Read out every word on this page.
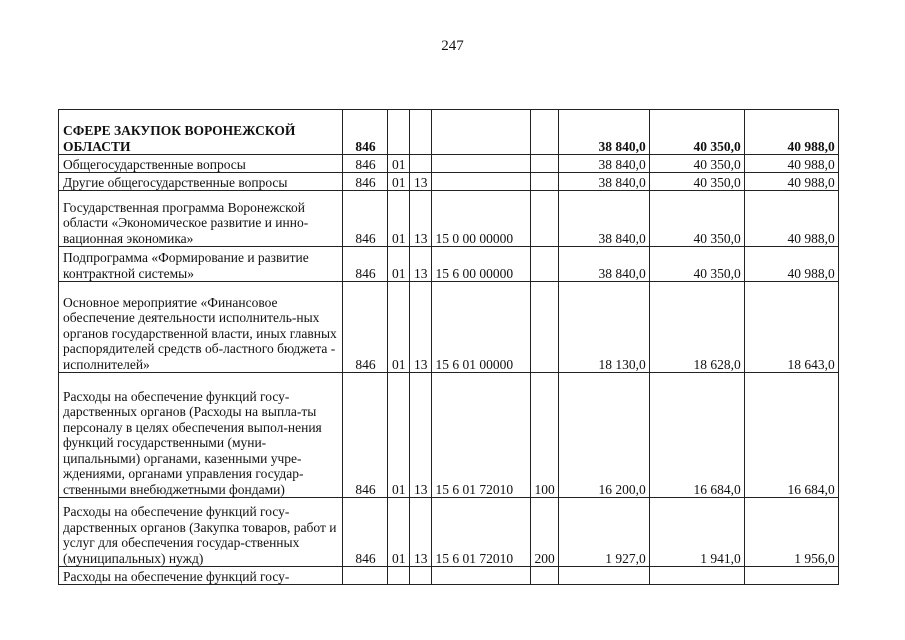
247
СФЕРЕ ЗАКУПОК ВОРОНЕЖСКОЙ ОБЛАСТИ	846					38 840,0	40 350,0	40 988,0
Общегосударственные вопросы	846	01				38 840,0	40 350,0	40 988,0
Другие общегосударственные вопросы	846	01	13			38 840,0	40 350,0	40 988,0
Государственная программа Воронежской области «Экономическое развитие и инно-вационная экономика»	846	01	13	15 0 00 00000		38 840,0	40 350,0	40 988,0
Подпрограмма «Формирование и развитие контрактной системы»	846	01	13	15 6 00 00000		38 840,0	40 350,0	40 988,0
Основное мероприятие «Финансовое обеспечение деятельности исполнитель-ных органов государственной власти, иных главных распорядителей средств об-ластного бюджета - исполнителей»	846	01	13	15 6 01 00000		18 130,0	18 628,0	18 643,0
Расходы на обеспечение функций госу-дарственных органов (Расходы на выпла-ты персоналу в целях обеспечения выпол-нения функций государственными (муни-ципальными) органами, казенными учре-ждениями, органами управления государ-ственными внебюджетными фондами)	846	01	13	15 6 01 72010	100	16 200,0	16 684,0	16 684,0
Расходы на обеспечение функций госу-дарственных органов (Закупка товаров, работ и услуг для обеспечения государ-ственных (муниципальных) нужд)	846	01	13	15 6 01 72010	200	1 927,0	1 941,0	1 956,0
Расходы на обеспечение функций госу-								
